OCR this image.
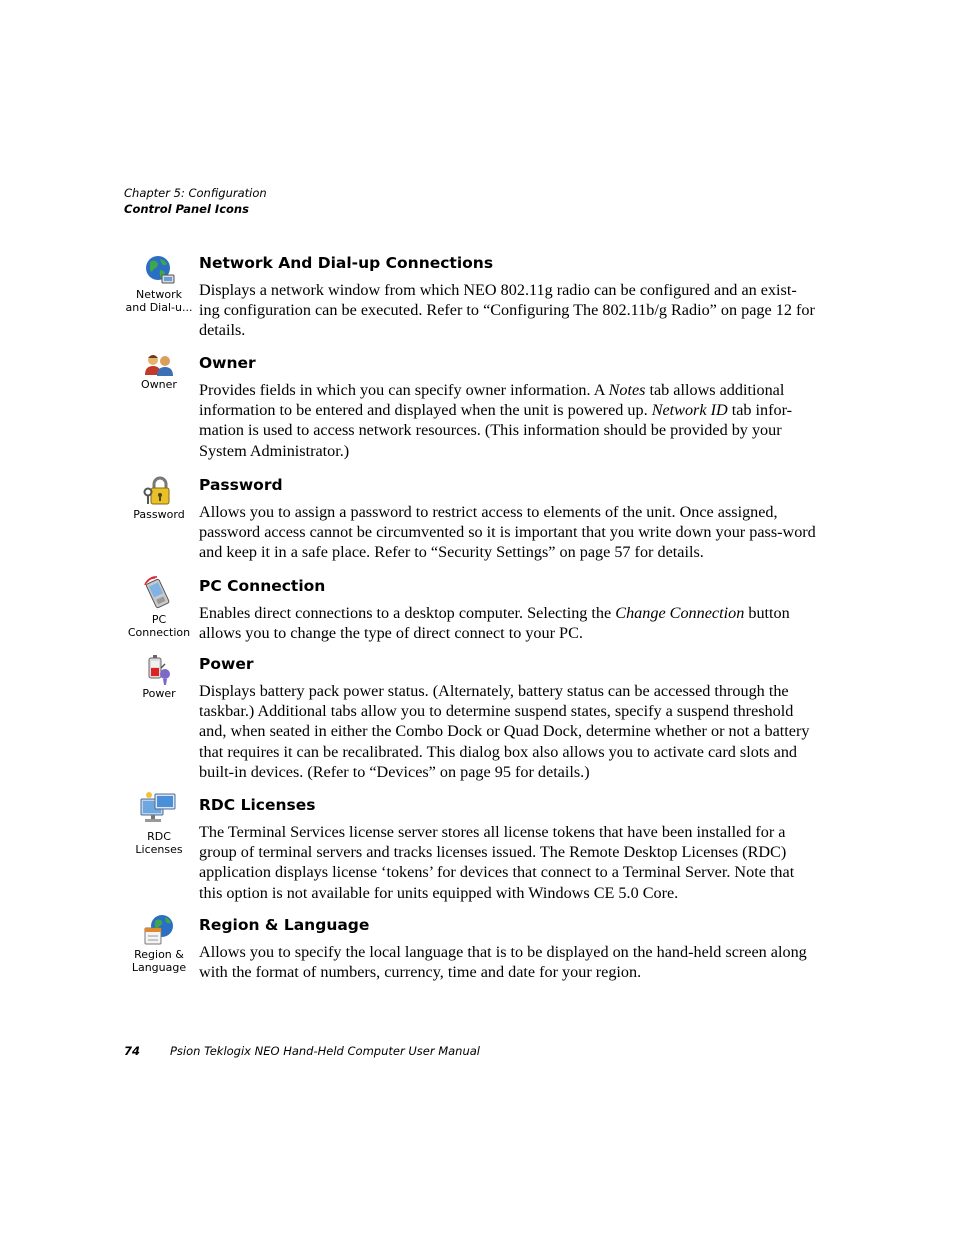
Chapter 5: Configuration
Control Panel Icons
Network
and Dial-u...
Network And Dial-up Connections

Displays a network window from which NEO 802.11g radio can be configured and an exist-ing configuration can be executed. Refer to “Configuring The 802.11b/g Radio” on page 12 for details.

Owner
Owner

Provides fields in which you can specify owner information. A Notes tab allows additional information to be entered and displayed when the unit is powered up. Network ID tab infor-mation is used to access network resources. (This information should be provided by your System Administrator.)

Password
Password

Allows you to assign a password to restrict access to elements of the unit. Once assigned, password access cannot be circumvented so it is important that you write down your pass-word and keep it in a safe place. Refer to “Security Settings” on page 57 for details.

PC
Connection
PC Connection

Enables direct connections to a desktop computer. Selecting the Change Connection button allows you to change the type of direct connect to your PC.

Power
Power

Displays battery pack power status. (Alternately, battery status can be accessed through the taskbar.) Additional tabs allow you to determine suspend states, specify a suspend threshold and, when seated in either the Combo Dock or Quad Dock, determine whether or not a battery that requires it can be recalibrated. This dialog box also allows you to activate card slots and built-in devices. (Refer to “Devices” on page 95 for details.)

RDC
Licenses
RDC Licenses

The Terminal Services license server stores all license tokens that have been installed for a group of terminal servers and tracks licenses issued. The Remote Desktop Licenses (RDC) application displays license ‘tokens’ for devices that connect to a Terminal Server. Note that this option is not available for units equipped with Windows CE 5.0 Core.

Region &
Language
Region & Language

Allows you to specify the local language that is to be displayed on the hand-held screen along with the format of numbers, currency, time and date for your region.

74	Psion Teklogix NEO Hand-Held Computer User Manual
